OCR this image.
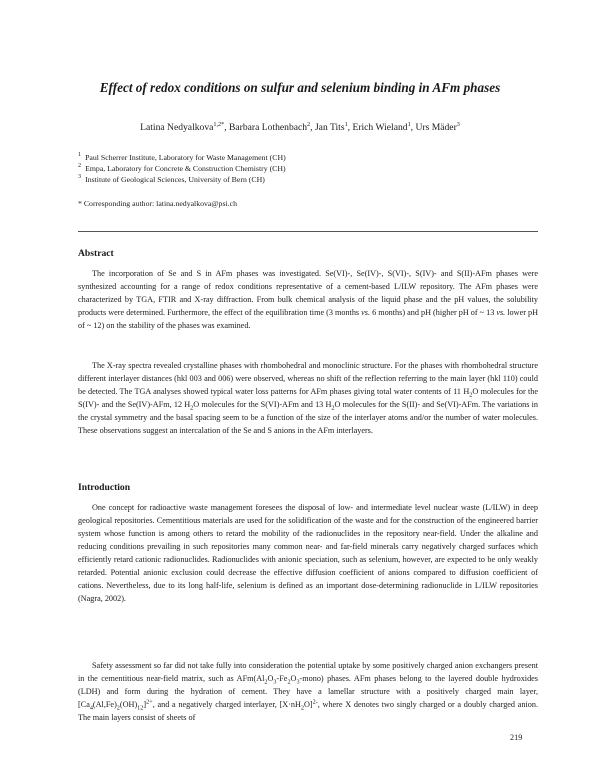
Effect of redox conditions on sulfur and selenium binding in AFm phases

Latina Nedyalkova$^{1,2*}$, Barbara Lothenbach$^2$, Jan Tits$^1$, Erich Wieland$^1$, Urs Mäder$^3$

$^1$ Paul Scherrer Institute, Laboratory for Waste Management (CH)
$^2$ Empa, Laboratory for Concrete & Construction Chemistry (CH)
$^3$ Institute of Geological Sciences, University of Bern (CH)

* Corresponding author: latina.nedyalkova@psi.ch

Abstract

The incorporation of Se and S in AFm phases was investigated. Se(VI)-, Se(IV)-, S(VI)-, S(IV)- and S(II)-AFm phases were synthesized accounting for a range of redox conditions representative of a cement-based L/ILW repository. The AFm phases were characterized by TGA, FTIR and X-ray diffraction. From bulk chemical analysis of the liquid phase and the pH values, the solubility products were determined. Furthermore, the effect of the equilibration time (3 months vs. 6 months) and pH (higher pH of ~ 13 vs. lower pH of ~ 12) on the stability of the phases was examined.

The X-ray spectra revealed crystalline phases with rhombohedral and monoclinic structure. For the phases with rhombohedral structure different interlayer distances (hkl 003 and 006) were observed, whereas no shift of the reflection referring to the main layer (hkl 110) could be detected. The TGA analyses showed typical water loss patterns for AFm phases giving total water contents of 11 $H_2O$ molecules for the S(IV)- and the Se(IV)-AFm, 12 $H_2O$ molecules for the S(VI)-AFm and 13 $H_2O$ molecules for the S(II)- and Se(VI)-AFm. The variations in the crystal symmetry and the basal spacing seem to be a function of the size of the interlayer atoms and/or the number of water molecules. These observations suggest an intercalation of the Se and S anions in the AFm interlayers.

Introduction

One concept for radioactive waste management foresees the disposal of low- and intermediate level nuclear waste (L/ILW) in deep geological repositories. Cementitious materials are used for the solidification of the waste and for the construction of the engineered barrier system whose function is among others to retard the mobility of the radionuclides in the repository near-field. Under the alkaline and reducing conditions prevailing in such repositories many common near- and far-field minerals carry negatively charged surfaces which efficiently retard cationic radionuclides. Radionuclides with anionic speciation, such as selenium, however, are expected to be only weakly retarded. Potential anionic exclusion could decrease the effective diffusion coefficient of anions compared to diffusion coefficient of cations. Nevertheless, due to its long half-life, selenium is defined as an important dose-determining radionuclide in L/ILW repositories (Nagra, 2002).

Safety assessment so far did not take fully into consideration the potential uptake by some positively charged anion exchangers present in the cementitious near-field matrix, such as $AFm(Al_2O_3-Fe_2O_3-mono)$ phases. AFm phases belong to the layered double hydroxides (LDH) and form during the hydration of cement. They have a lamellar structure with a positively charged main layer, $[Ca_4(Al,Fe)_2(OH)_{12}]^{2+}$, and a negatively charged interlayer, $[X\cdot nH_2O]^{2-}$, where X denotes two singly charged or a doubly charged anion. The main layers consist of sheets of

219
